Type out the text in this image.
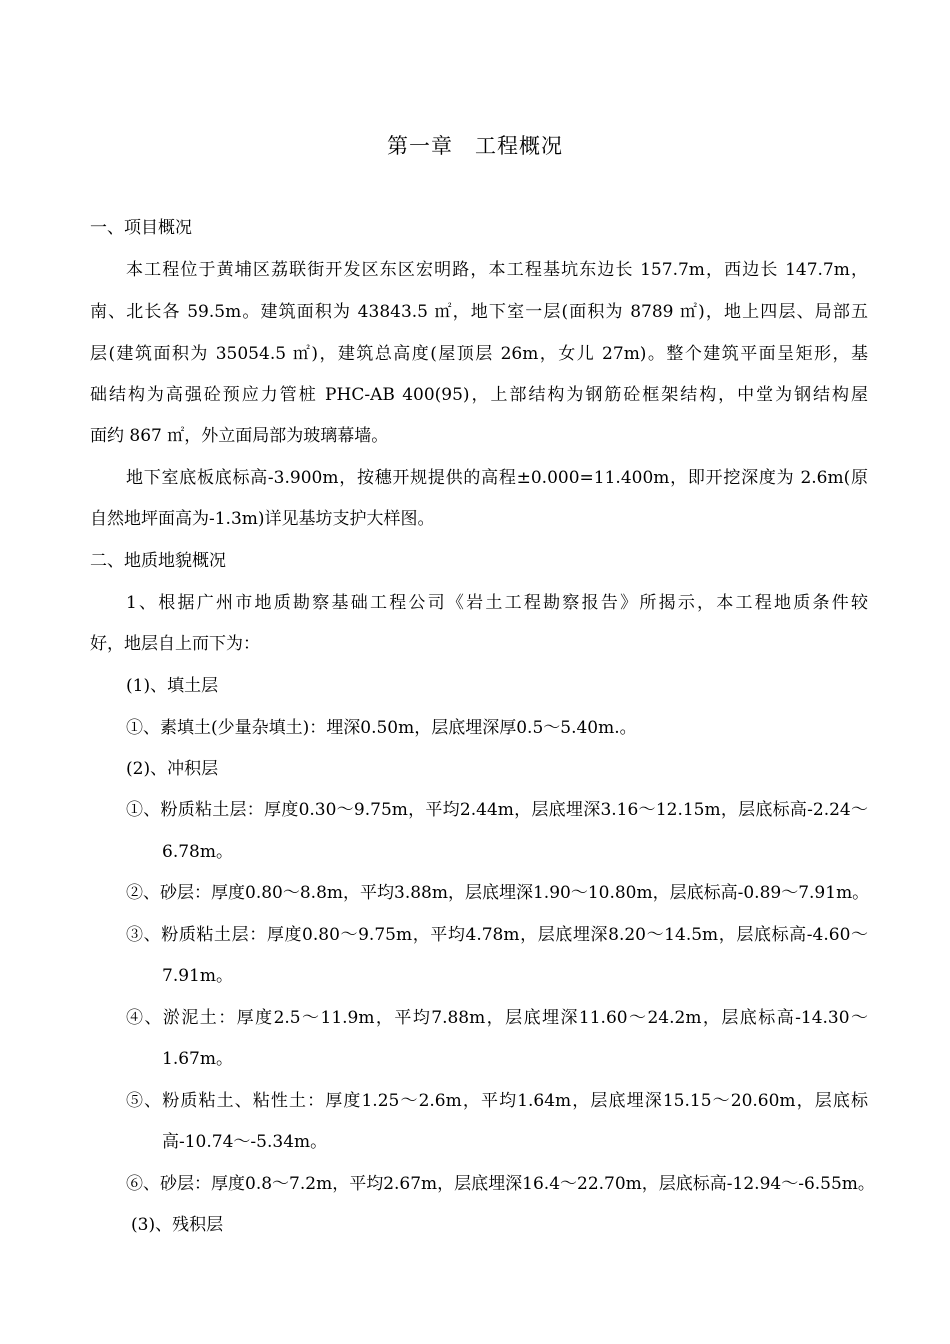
第一章 工程概况
一、项目概况
本工程位于黄埔区荔联街开发区东区宏明路，本工程基坑东边长 157.7m，西边长 147.7m，
南、北长各 59.5m。建筑面积为 43843.5 ㎡，地下室一层(面积为 8789 ㎡)，地上四层、局部五
层(建筑面积为 35054.5 ㎡)，建筑总高度(屋顶层 26m，女儿 27m)。整个建筑平面呈矩形，基
础结构为高强砼预应力管桩 PHC-AB 400(95)，上部结构为钢筋砼框架结构，中堂为钢结构屋
面约 867 ㎡，外立面局部为玻璃幕墙。
地下室底板底标高-3.900m，按穗开规提供的高程±0.000=11.400m，即开挖深度为 2.6m(原
自然地坪面高为-1.3m)详见基坊支护大样图。
二、地质地貌概况
1、根据广州市地质勘察基础工程公司《岩土工程勘察报告》所揭示，本工程地质条件较
好，地层自上而下为：
(1)、填土层
①、素填土(少量杂填土)：埋深0.50m，层底埋深厚0.5～5.40m.。
(2)、冲积层
①、粉质粘土层：厚度0.30～9.75m，平均2.44m，层底埋深3.16～12.15m，层底标高-2.24～
6.78m。
②、砂层：厚度0.80～8.8m，平均3.88m，层底埋深1.90～10.80m，层底标高-0.89～7.91m。
③、粉质粘土层：厚度0.80～9.75m，平均4.78m，层底埋深8.20～14.5m，层底标高-4.60～
7.91m。
④、淤泥土：厚度2.5～11.9m，平均7.88m，层底埋深11.60～24.2m，层底标高-14.30～
1.67m。
⑤、粉质粘土、粘性土：厚度1.25～2.6m，平均1.64m，层底埋深15.15～20.60m，层底标
高-10.74～-5.34m。
⑥、砂层：厚度0.8～7.2m，平均2.67m，层底埋深16.4～22.70m，层底标高-12.94～-6.55m。
(3)、残积层
